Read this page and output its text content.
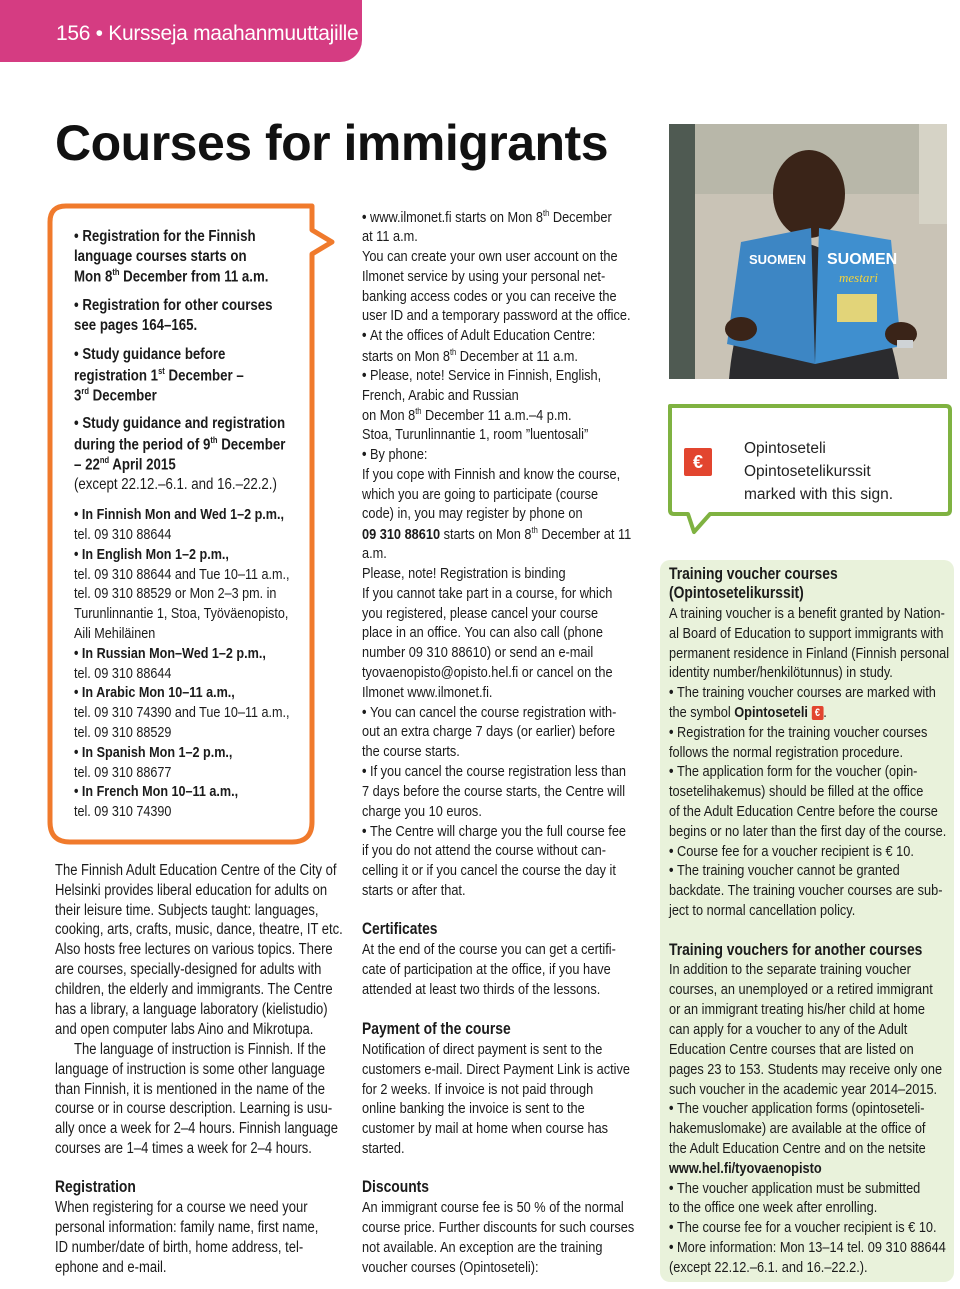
156 • Kursseja maahanmuuttajille
Courses for immigrants
• Registration for the Finnish
language courses starts on
Mon 8th December from 11 a.m.
• Registration for other courses
see pages 164–165.
• Study guidance before
registration 1st December –
3rd December
• Study guidance and registration
during the period of 9th December
– 22nd April 2015
(except 22.12.–6.1. and 16.–22.2.)
• In Finnish Mon and Wed 1–2 p.m.,
tel. 09 310 88644
• In English Mon 1–2 p.m.,
tel. 09 310 88644 and Tue 10–11 a.m.,
tel. 09 310 88529 or Mon 2–3 pm. in
Turunlinnantie 1, Stoa, Työväenopisto,
Aili Mehiläinen
• In Russian Mon–Wed 1–2 p.m.,
tel. 09 310 88644
• In Arabic Mon 10–11 a.m.,
tel. 09 310 74390 and Tue 10–11 a.m.,
tel. 09 310 88529
• In Spanish Mon 1–2 p.m.,
tel. 09 310 88677
• In French Mon 10–11 a.m.,
tel. 09 310 74390
The Finnish Adult Education Centre of the City of
Helsinki provides liberal education for adults on
their leisure time. Subjects taught: languages,
cooking, arts, crafts, music, dance, theatre, IT etc.
Also hosts free lectures on various topics. There
are courses, specially-designed for adults with
children, the elderly and immigrants. The Centre
has a library, a language laboratory (kielistudio)
and open computer labs Aino and Mikrotupa.
The language of instruction is Finnish. If the
language of instruction is some other language
than Finnish, it is mentioned in the name of the
course or in course description. Learning is usu-
ally once a week for 2–4 hours. Finnish language
courses are 1–4 times a week for 2–4 hours.
Registration
When registering for a course we need your
personal information: family name, first name,
ID number/date of birth, home address, tel-
ephone and e-mail.
• www.ilmonet.fi starts on Mon 8th December
at 11 a.m.
You can create your own user account on the
Ilmonet service by using your personal net-
banking access codes or you can receive the
user ID and a temporary password at the office.
• At the offices of Adult Education Centre:
starts on Mon 8th December at 11 a.m.
• Please, note! Service in Finnish, English,
French, Arabic and Russian
on Mon 8th December 11 a.m.–4 p.m.
Stoa, Turunlinnantie 1, room ”luentosali”
• By phone:
If you cope with Finnish and know the course,
which you are going to participate (course
code) in, you may register by phone on
09 310 88610 starts on Mon 8th December at 11
a.m.
Please, note! Registration is binding
If you cannot take part in a course, for which
you registered, please cancel your course
place in an office. You can also call (phone
number 09 310 88610) or send an e-mail
tyovaenopisto@opisto.hel.fi or cancel on the
Ilmonet www.ilmonet.fi.
• You can cancel the course registration with-
out an extra charge 7 days (or earlier) before
the course starts.
• If you cancel the course registration less than
7 days before the course starts, the Centre will
charge you 10 euros.
• The Centre will charge you the full course fee
if you do not attend the course without can-
celling it or if you cancel the course the day it
starts or after that.
Certificates
At the end of the course you can get a certifi-
cate of participation at the office, if you have
attended at least two thirds of the lessons.
Payment of the course
Notification of direct payment is sent to the
customers e-mail. Direct Payment Link is active
for 2 weeks. If invoice is not paid through
online banking the invoice is sent to the
customer by mail at home when course has
started.
Discounts
An immigrant course fee is 50 % of the normal
course price. Further discounts for such courses
not available. An exception are the training
voucher courses (Opintoseteli):
SUOMEN SUOMEN
mestari
€
Opintoseteli
Opintosetelikurssit
marked with this sign.
Training voucher courses
(Opintosetelikurssit)
A training voucher is a benefit granted by Nation-
al Board of Education to support immigrants with
permanent residence in Finland (Finnish personal
identity number/henkilötunnus) in study.
• The training voucher courses are marked with
the symbol Opintoseteli € .
• Registration for the training voucher courses
follows the normal registration procedure.
• The application form for the voucher (opin-
tosetelihakemus) should be filled at the office
of the Adult Education Centre before the course
begins or no later than the first day of the course.
• Course fee for a voucher recipient is € 10.
• The training voucher cannot be granted
backdate. The training voucher courses are sub-
ject to normal cancellation policy.
Training vouchers for another courses
In addition to the separate training voucher
courses, an unemployed or a retired immigrant
or an immigrant treating his/her child at home
can apply for a voucher to any of the Adult
Education Centre courses that are listed on
pages 23 to 153. Students may receive only one
such voucher in the academic year 2014–2015.
• The voucher application forms (opintoseteli-
hakemuslomake) are available at the office of
the Adult Education Centre and on the netsite
www.hel.fi/tyovaenopisto
• The voucher application must be submitted
to the office one week after enrolling.
• The course fee for a voucher recipient is € 10.
• More information: Mon 13–14 tel. 09 310 88644
(except 22.12.–6.1. and 16.–22.2.).
